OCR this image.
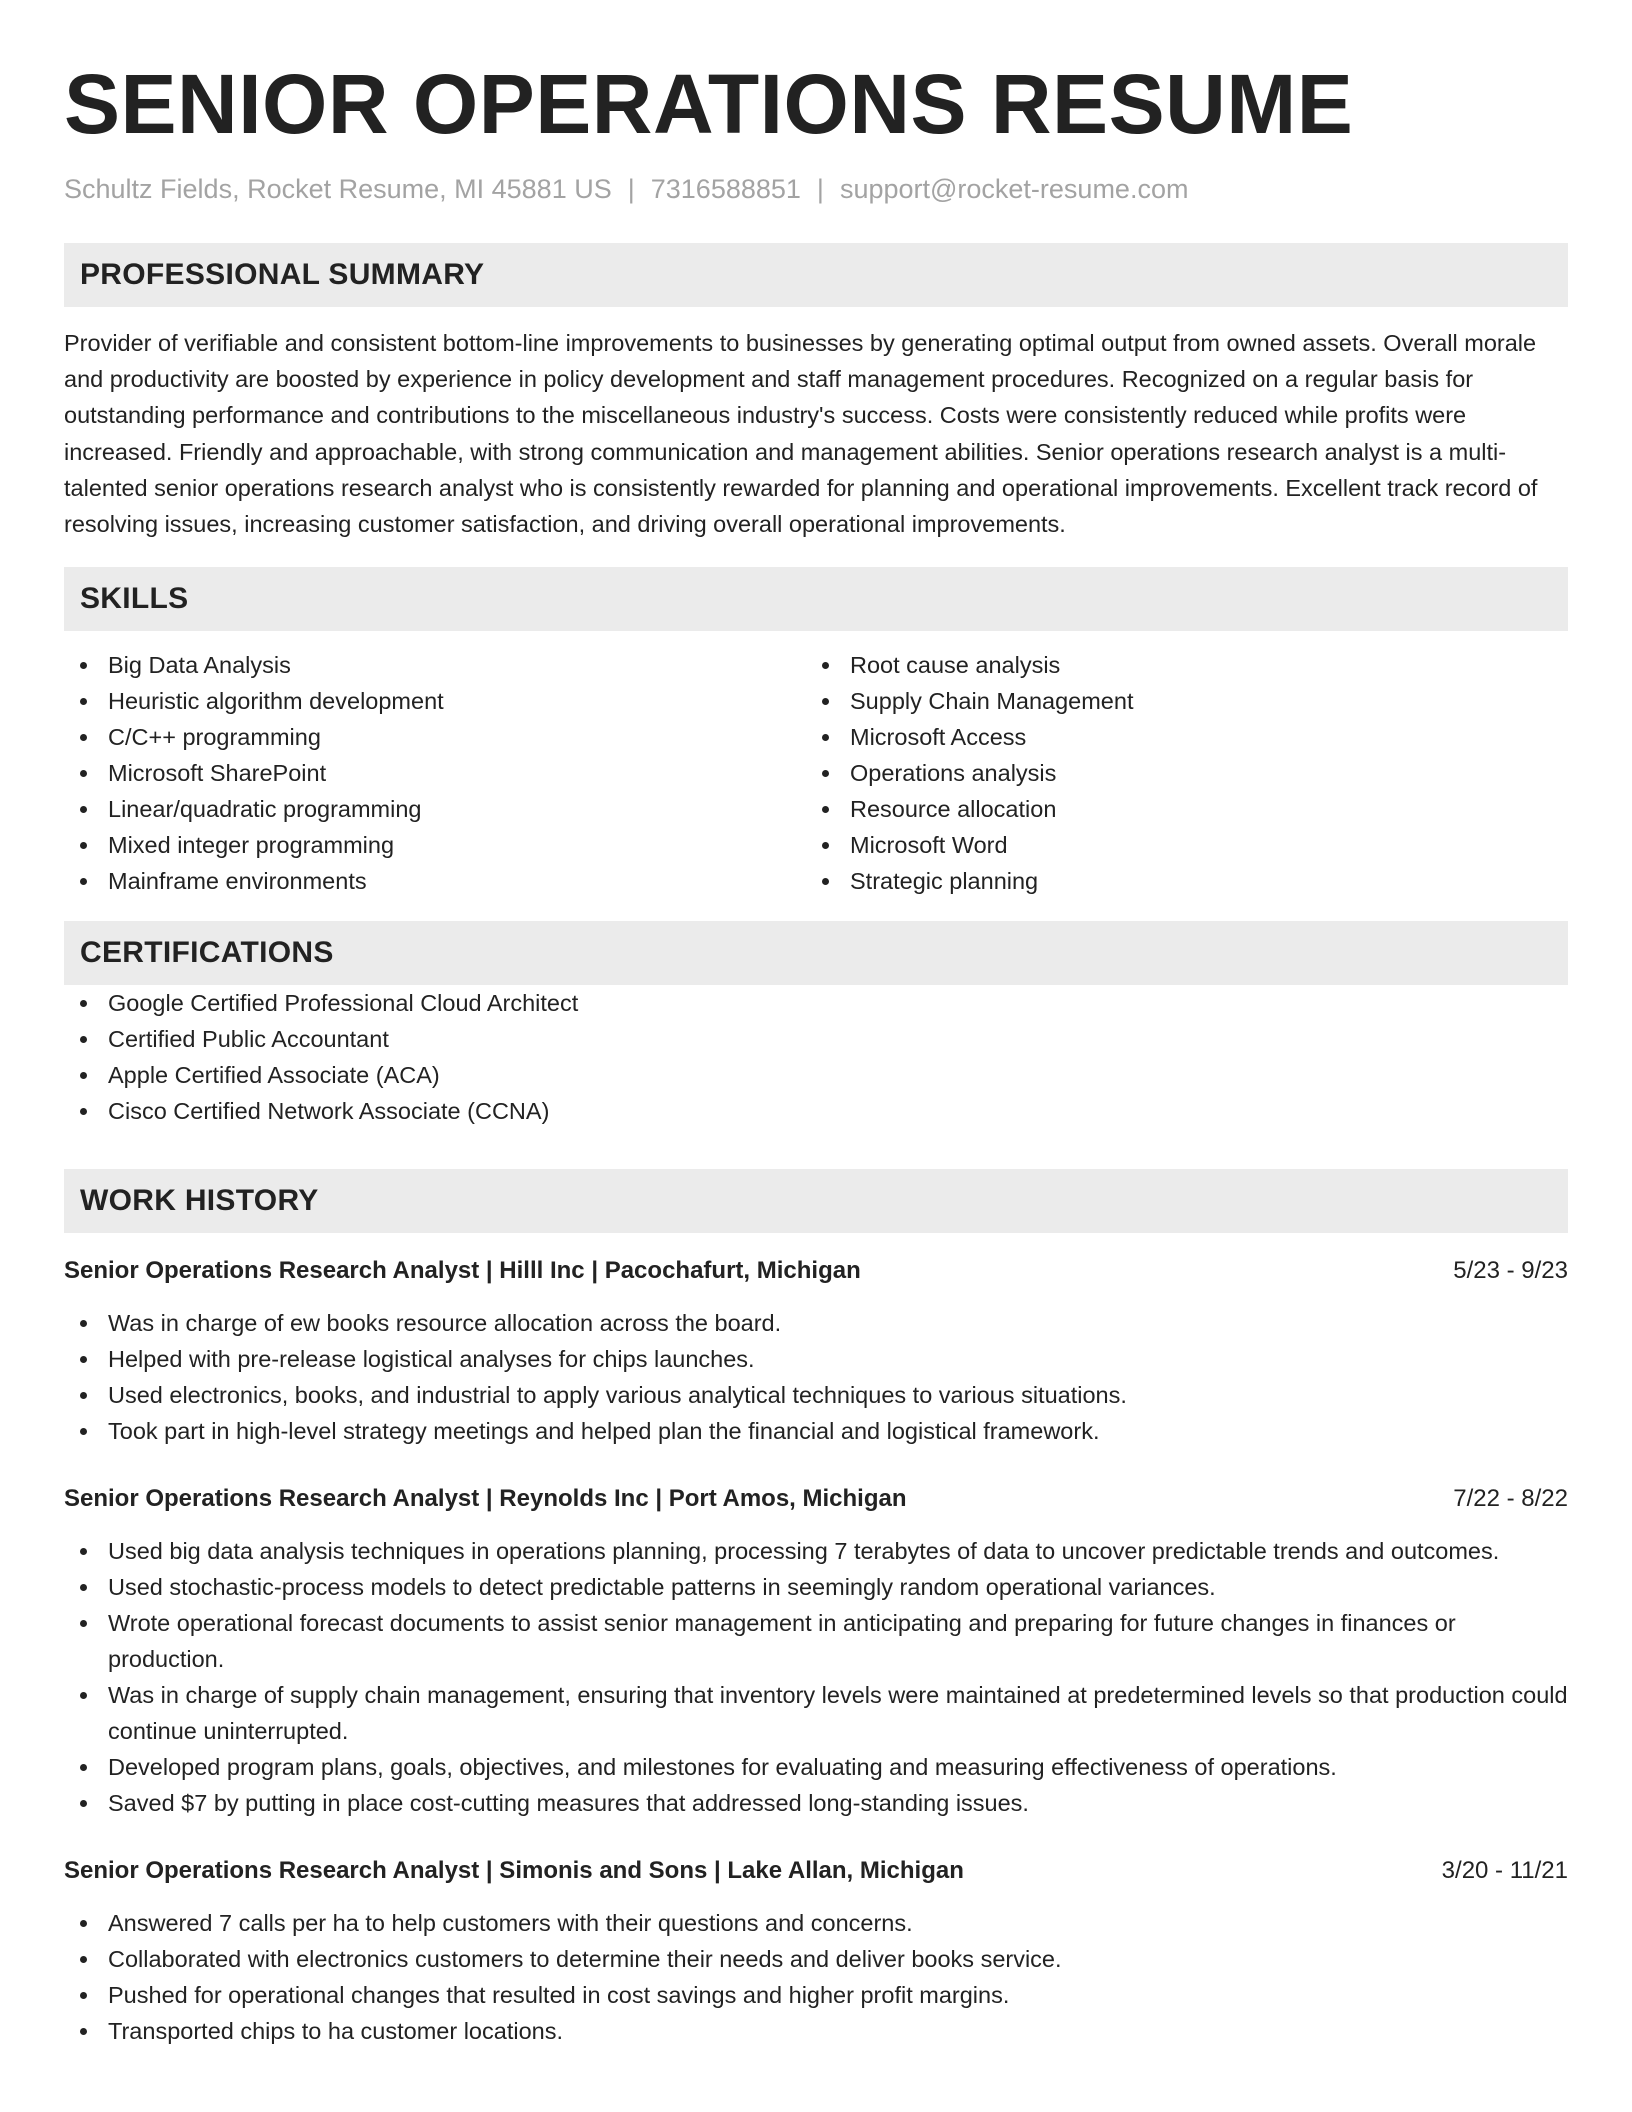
SENIOR OPERATIONS RESUME
Schultz Fields, Rocket Resume, MI 45881 US | 7316588851 | support@rocket-resume.com
PROFESSIONAL SUMMARY
Provider of verifiable and consistent bottom-line improvements to businesses by generating optimal output from owned assets. Overall morale and productivity are boosted by experience in policy development and staff management procedures. Recognized on a regular basis for outstanding performance and contributions to the miscellaneous industry's success. Costs were consistently reduced while profits were increased. Friendly and approachable, with strong communication and management abilities. Senior operations research analyst is a multi-talented senior operations research analyst who is consistently rewarded for planning and operational improvements. Excellent track record of resolving issues, increasing customer satisfaction, and driving overall operational improvements.
SKILLS
Big Data Analysis
Heuristic algorithm development
C/C++ programming
Microsoft SharePoint
Linear/quadratic programming
Mixed integer programming
Mainframe environments
Root cause analysis
Supply Chain Management
Microsoft Access
Operations analysis
Resource allocation
Microsoft Word
Strategic planning
CERTIFICATIONS
Google Certified Professional Cloud Architect
Certified Public Accountant
Apple Certified Associate (ACA)
Cisco Certified Network Associate (CCNA)
WORK HISTORY
Senior Operations Research Analyst | Hilll Inc | Pacochafurt, Michigan	5/23 - 9/23
Was in charge of ew books resource allocation across the board.
Helped with pre-release logistical analyses for chips launches.
Used electronics, books, and industrial to apply various analytical techniques to various situations.
Took part in high-level strategy meetings and helped plan the financial and logistical framework.
Senior Operations Research Analyst | Reynolds Inc | Port Amos, Michigan	7/22 - 8/22
Used big data analysis techniques in operations planning, processing 7 terabytes of data to uncover predictable trends and outcomes.
Used stochastic-process models to detect predictable patterns in seemingly random operational variances.
Wrote operational forecast documents to assist senior management in anticipating and preparing for future changes in finances or production.
Was in charge of supply chain management, ensuring that inventory levels were maintained at predetermined levels so that production could continue uninterrupted.
Developed program plans, goals, objectives, and milestones for evaluating and measuring effectiveness of operations.
Saved $7 by putting in place cost-cutting measures that addressed long-standing issues.
Senior Operations Research Analyst | Simonis and Sons | Lake Allan, Michigan	3/20 - 11/21
Answered 7 calls per ha to help customers with their questions and concerns.
Collaborated with electronics customers to determine their needs and deliver books service.
Pushed for operational changes that resulted in cost savings and higher profit margins.
Transported chips to ha customer locations.
